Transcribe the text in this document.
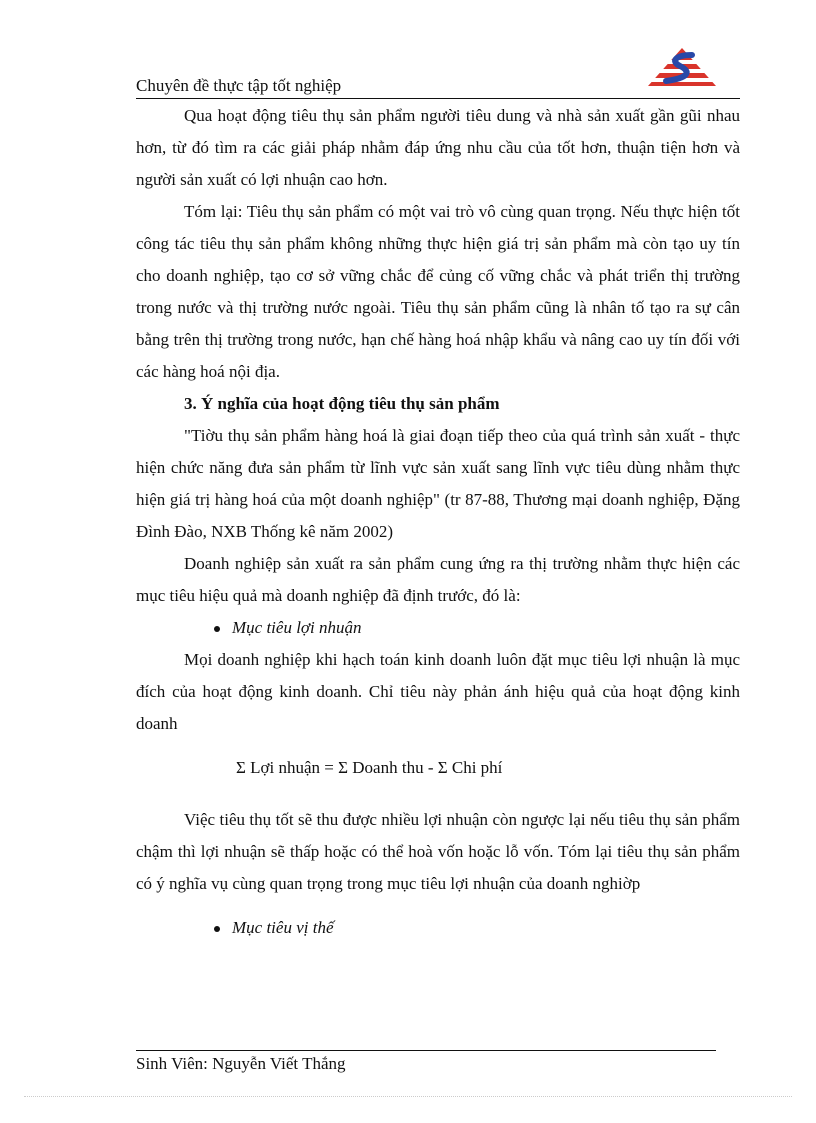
Chuyên đề thực tập tốt nghiệp

Qua hoạt động tiêu thụ sản phẩm người tiêu dung và nhà sản xuất gần gũi nhau hơn, từ đó tìm ra các giải pháp nhằm đáp ứng nhu cầu của tốt hơn, thuận tiện hơn và người sản xuất có lợi nhuận cao hơn.

Tóm lại: Tiêu thụ sản phẩm có một vai trò vô cùng quan trọng. Nếu thực hiện tốt công tác tiêu thụ sản phẩm không những thực hiện giá trị sản phẩm mà còn tạo uy tín cho doanh nghiệp, tạo cơ sở vững chắc để củng cố vững chắc và phát triển thị trường trong nước và thị trường nước ngoài. Tiêu thụ sản phẩm cũng là nhân tố tạo ra sự cân bằng trên thị trường trong nước, hạn chế hàng hoá nhập khẩu và nâng cao uy tín đối với các hàng hoá nội địa.

3. Ý nghĩa của hoạt động tiêu thụ sản phẩm

"Tiờu thụ sản phẩm hàng hoá là giai đoạn tiếp theo của quá trình sản xuất - thực hiện chức năng đưa sản phẩm từ lĩnh vực sản xuất sang lĩnh vực tiêu dùng nhằm thực hiện giá trị hàng hoá của một doanh nghiệp" (tr 87-88, Thương mại doanh nghiệp, Đặng Đình Đào, NXB Thống kê năm 2002)

Doanh nghiệp sản xuất ra sản phẩm cung ứng ra thị trường nhằm thực hiện các mục tiêu hiệu quả mà doanh nghiệp đã định trước, đó là:

Mục tiêu lợi nhuận

Mọi doanh nghiệp khi hạch toán kinh doanh luôn đặt mục tiêu lợi nhuận là mục đích của hoạt động kinh doanh. Chỉ tiêu này phản ánh hiệu quả của hoạt động kinh doanh

Σ Lợi nhuận = Σ Doanh thu - Σ Chi phí

Việc tiêu thụ tốt sẽ thu được nhiều lợi nhuận còn ngược lại nếu tiêu thụ sản phẩm chậm thì lợi nhuận sẽ thấp hoặc có thể hoà vốn hoặc lỗ vốn. Tóm lại tiêu thụ sản phẩm có ý nghĩa vụ cùng quan trọng trong mục tiêu lợi nhuận của doanh nghiờp

Mục tiêu vị thế

Sinh Viên: Nguyễn Viết Thắng
